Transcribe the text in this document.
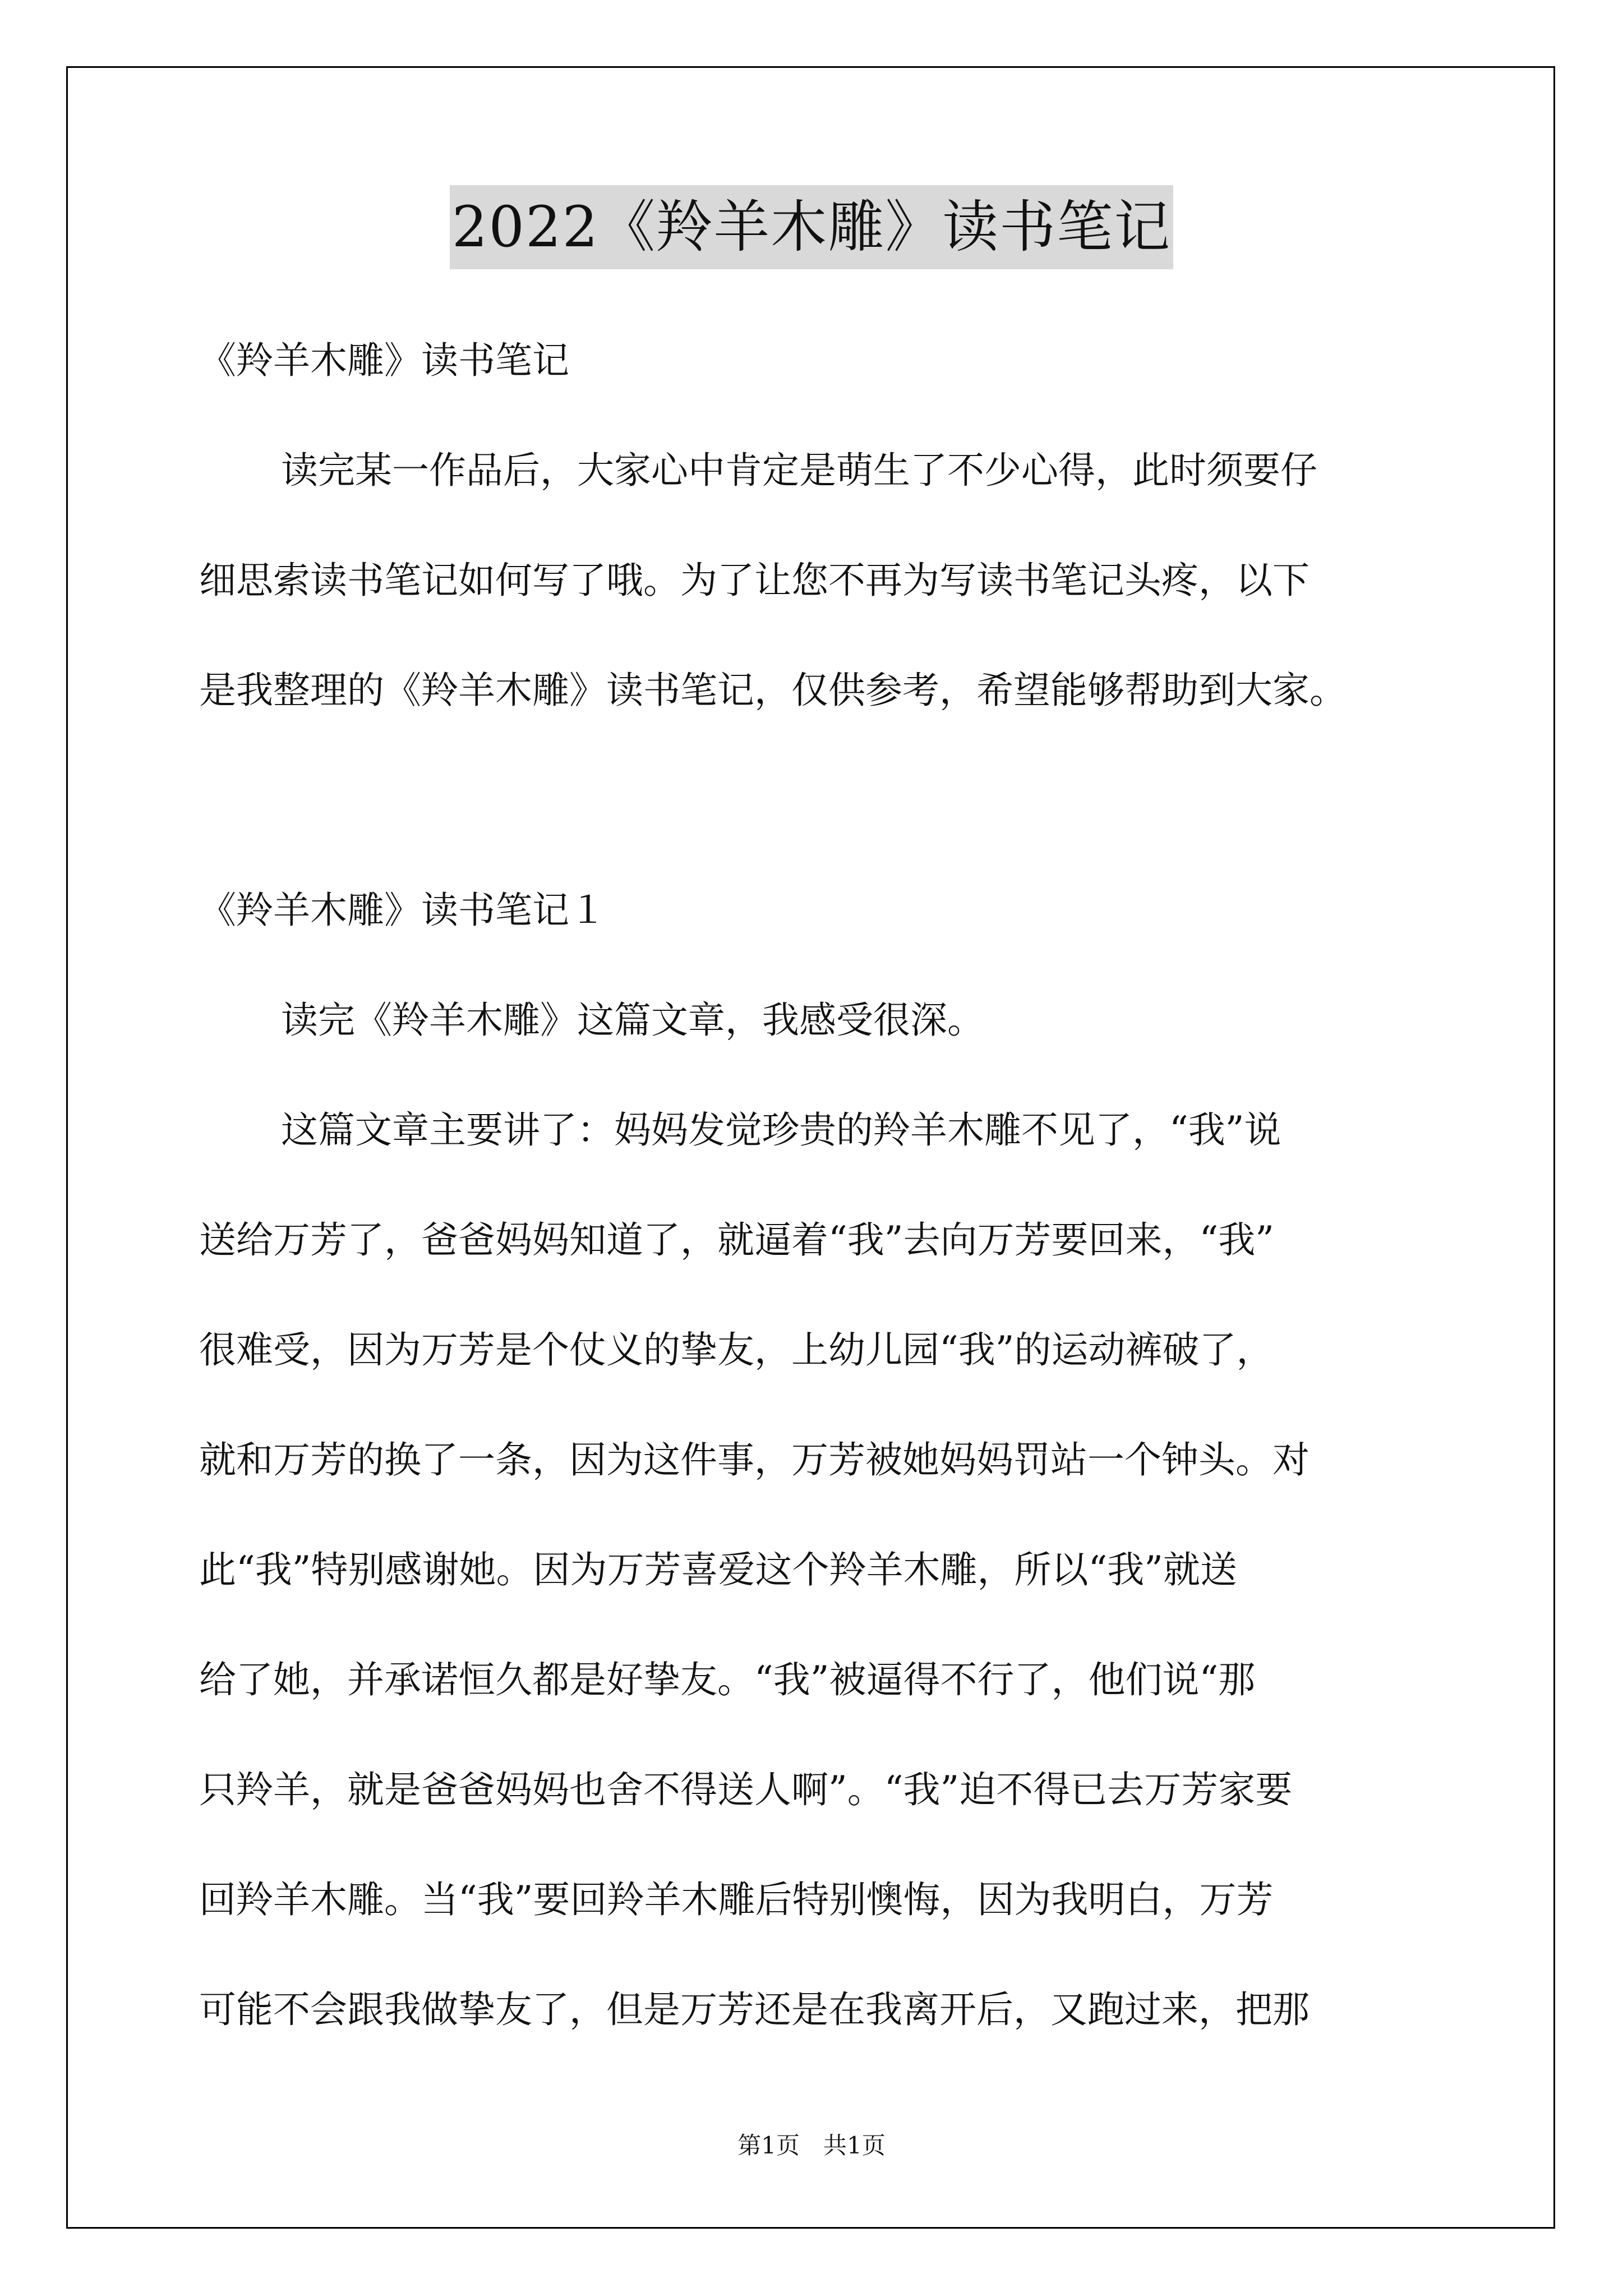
2022《羚羊木雕》读书笔记
《羚羊木雕》读书笔记
读完某一作品后，大家心中肯定是萌生了不少心得，此时须要仔
细思索读书笔记如何写了哦。为了让您不再为写读书笔记头疼，以下
是我整理的《羚羊木雕》读书笔记，仅供参考，希望能够帮助到大家。
《羚羊木雕》读书笔记１
读完《羚羊木雕》这篇文章，我感受很深。
这篇文章主要讲了：妈妈发觉珍贵的羚羊木雕不见了，“我”说
送给万芳了，爸爸妈妈知道了，就逼着“我”去向万芳要回来，“我”
很难受，因为万芳是个仗义的挚友，上幼儿园“我”的运动裤破了，
就和万芳的换了一条，因为这件事，万芳被她妈妈罚站一个钟头。对
此“我”特别感谢她。因为万芳喜爱这个羚羊木雕，所以“我”就送
给了她，并承诺恒久都是好挚友。“我”被逼得不行了，他们说“那
只羚羊，就是爸爸妈妈也舍不得送人啊”。“我”迫不得已去万芳家要
回羚羊木雕。当“我”要回羚羊木雕后特别懊悔，因为我明白，万芳
可能不会跟我做挚友了，但是万芳还是在我离开后，又跑过来，把那
第1页　共1页
